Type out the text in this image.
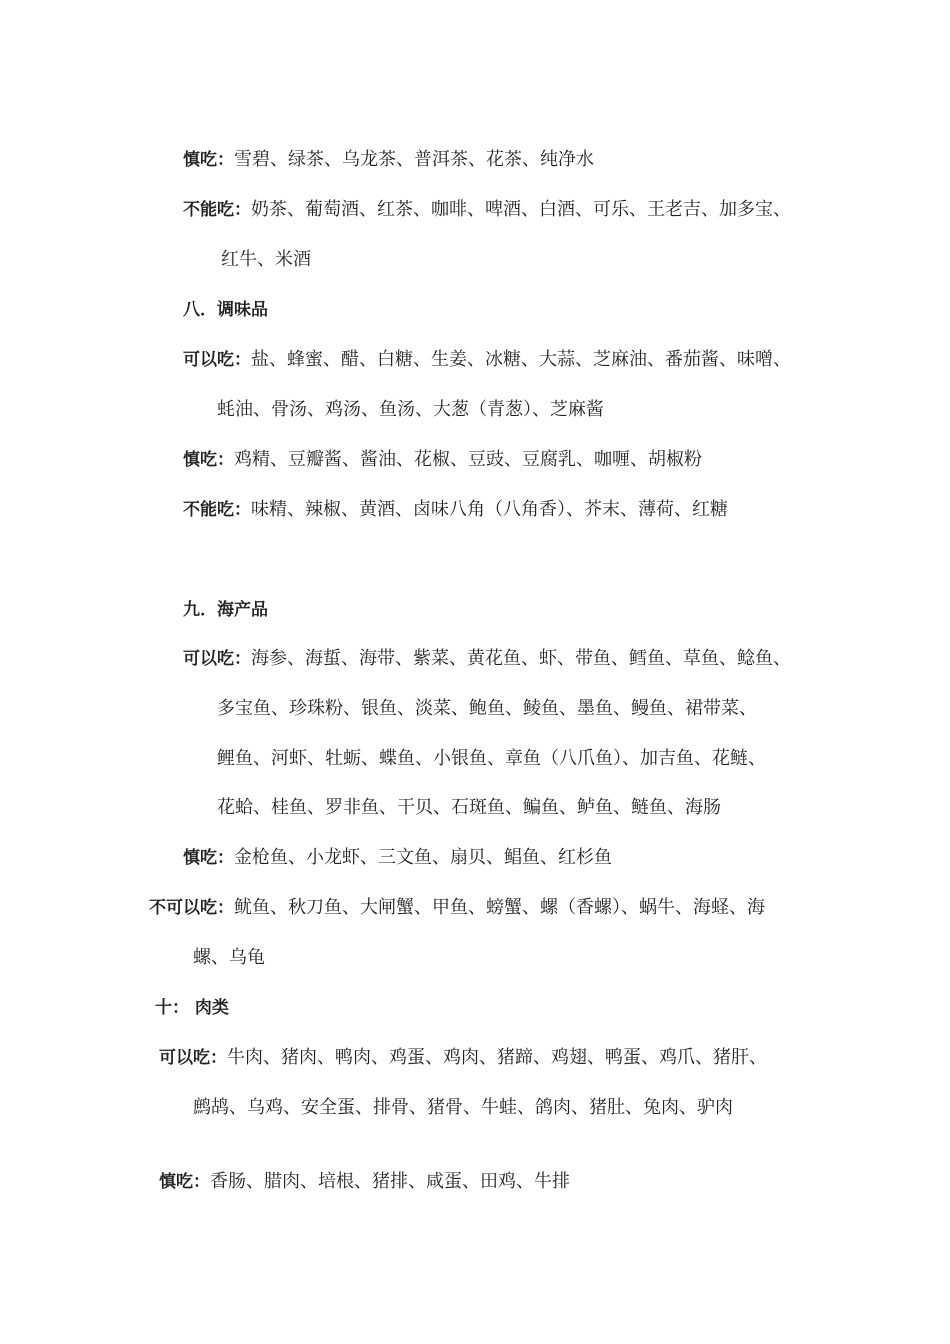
慎吃：雪碧、绿茶、乌龙茶、普洱茶、花茶、纯净水
不能吃：奶茶、葡萄酒、红茶、咖啡、啤酒、白酒、可乐、王老吉、加多宝、
红牛、米酒
八．调味品
可以吃：盐、蜂蜜、醋、白糖、生姜、冰糖、大蒜、芝麻油、番茄酱、味噌、
蚝油、骨汤、鸡汤、鱼汤、大葱（青葱）、芝麻酱
慎吃：鸡精、豆瓣酱、酱油、花椒、豆豉、豆腐乳、咖喱、胡椒粉
不能吃：味精、辣椒、黄酒、卤味八角（八角香）、芥末、薄荷、红糖
九．海产品
可以吃：海参、海蜇、海带、紫菜、黄花鱼、虾、带鱼、鳕鱼、草鱼、鲶鱼、
多宝鱼、珍珠粉、银鱼、淡菜、鲍鱼、鲮鱼、墨鱼、鳗鱼、裙带菜、
鲤鱼、河虾、牡蛎、蝶鱼、小银鱼、章鱼（八爪鱼）、加吉鱼、花鲢、
花蛤、桂鱼、罗非鱼、干贝、石斑鱼、鳊鱼、鲈鱼、鲢鱼、海肠
慎吃：金枪鱼、小龙虾、三文鱼、扇贝、鲳鱼、红杉鱼
不可以吃：鱿鱼、秋刀鱼、大闸蟹、甲鱼、螃蟹、螺（香螺）、蜗牛、海蛏、海
螺、乌龟
十： 肉类
可以吃：牛肉、猪肉、鸭肉、鸡蛋、鸡肉、猪蹄、鸡翅、鸭蛋、鸡爪、猪肝、
鹧鸪、乌鸡、安全蛋、排骨、猪骨、牛蛙、鸽肉、猪肚、兔肉、驴肉
慎吃：香肠、腊肉、培根、猪排、咸蛋、田鸡、牛排
